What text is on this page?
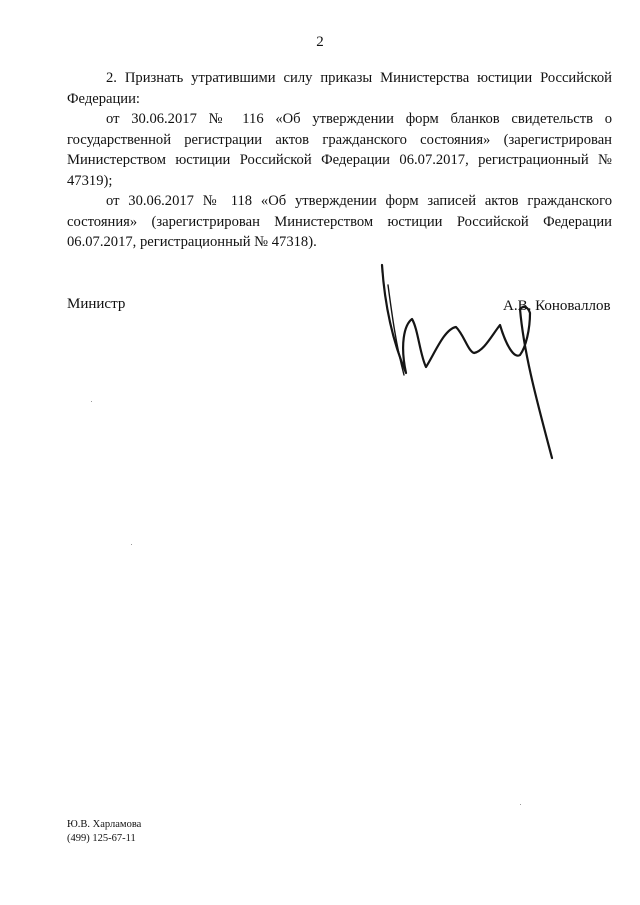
2

2. Признать утратившими силу приказы Министерства юстиции Российской Федерации:

от 30.06.2017 № 116 «Об утверждении форм бланков свидетельств о государственной регистрации актов гражданского состояния» (зарегистрирован Министерством юстиции Российской Федерации 06.07.2017, регистрационный № 47319);

от 30.06.2017 № 118 «Об утверждении форм записей актов гражданского состояния» (зарегистрирован Министерством юстиции Российской Федерации 06.07.2017, регистрационный № 47318).

Министр	А.В. Коноваллов
Ю.В. Харламова
(499) 125-67-11
